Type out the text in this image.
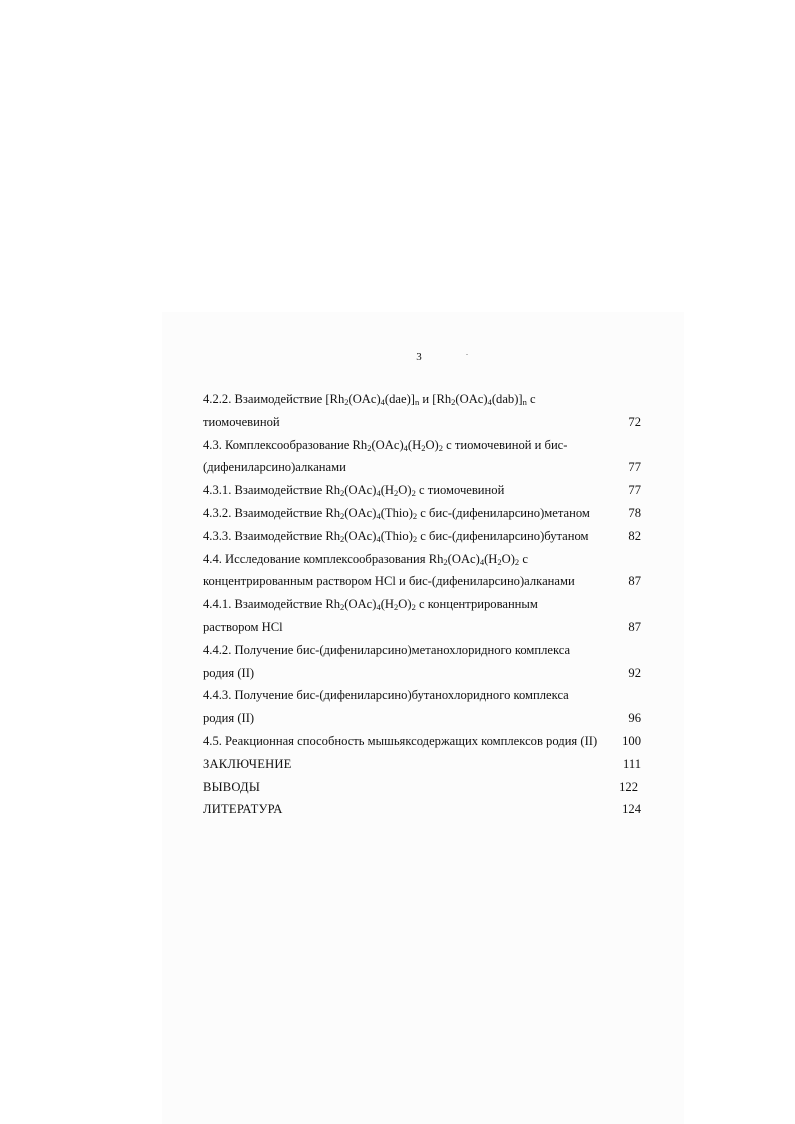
3
4.2.2. Взаимодействие $[Rh_2(OAc)_4(dae)]_n$ и $[Rh_2(OAc)_4(dab)]_n$ с
тиомочевиной	72
4.3. Комплексообразование $Rh_2(OAc)_4(H_2O)_2$ с тиомочевиной и бис-
(дифениларсино)алканами	77
4.3.1. Взаимодействие $Rh_2(OAc)_4(H_2O)_2$ с тиомочевиной	77
4.3.2. Взаимодействие $Rh_2(OAc)_4(Thio)_2$ с бис-(дифениларсино)метаном	78
4.3.3. Взаимодействие $Rh_2(OAc)_4(Thio)_2$ с бис-(дифениларсино)бутаном	82
4.4. Исследование комплексообразования $Rh_2(OAc)_4(H_2O)_2$ с
концентрированным раствором HCl и бис-(дифениларсино)алканами	87
4.4.1. Взаимодействие $Rh_2(OAc)_4(H_2O)_2$ с концентрированным
раствором HCl	87
4.4.2. Получение бис-(дифениларсино)метанохлоридного комплекса
родия (II)	92
4.4.3. Получение бис-(дифениларсино)бутанохлоридного комплекса
родия (II)	96
4.5. Реакционная способность мышьяксодержащих комплексов родия (II) 100
ЗАКЛЮЧЕНИЕ	111
ВЫВОДЫ	122
ЛИТЕРАТУРА	124
